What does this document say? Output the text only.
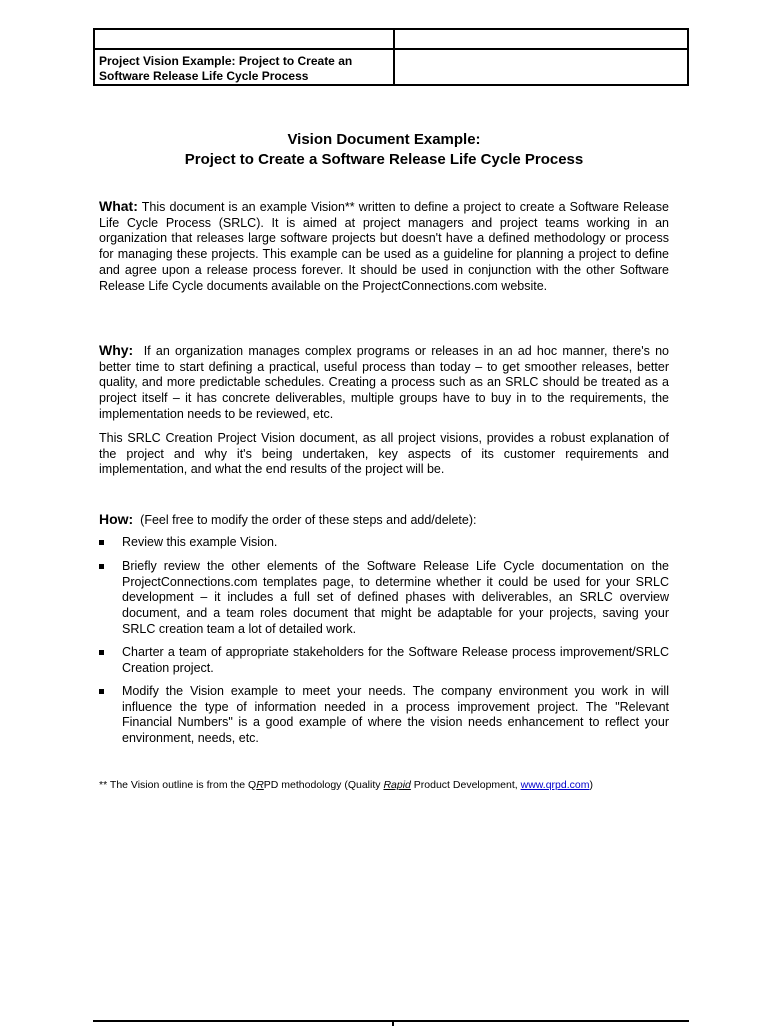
Project Vision Example: Project to Create an Software Release Life Cycle Process	

Vision Document Example:
Project to Create a Software Release Life Cycle Process
What: This document is an example Vision** written to define a project to create a Software Release Life Cycle Process (SRLC). It is aimed at project managers and project teams working in an organization that releases large software projects but doesn't have a defined methodology or process for managing these projects. This example can be used as a guideline for planning a project to define and agree upon a release process forever. It should be used in conjunction with the other Software Release Life Cycle documents available on the ProjectConnections.com website.
Why: If an organization manages complex programs or releases in an ad hoc manner, there's no better time to start defining a practical, useful process than today – to get smoother releases, better quality, and more predictable schedules. Creating a process such as an SRLC should be treated as a project itself – it has concrete deliverables, multiple groups have to buy in to the requirements, the implementation needs to be reviewed, etc.
This SRLC Creation Project Vision document, as all project visions, provides a robust explanation of the project and why it's being undertaken, key aspects of its customer requirements and implementation, and what the end results of the project will be.
How: (Feel free to modify the order of these steps and add/delete):
Review this example Vision.
Briefly review the other elements of the Software Release Life Cycle documentation on the ProjectConnections.com templates page, to determine whether it could be used for your SRLC development – it includes a full set of defined phases with deliverables, an SRLC overview document, and a team roles document that might be adaptable for your projects, saving your SRLC creation team a lot of detailed work.
Charter a team of appropriate stakeholders for the Software Release process improvement/SRLC Creation project.
Modify the Vision example to meet your needs. The company environment you work in will influence the type of information needed in a process improvement project. The "Relevant Financial Numbers" is a good example of where the vision needs enhancement to reflect your environment, needs, etc.
** The Vision outline is from the QRPD methodology (Quality Rapid Product Development, www.qrpd.com)
